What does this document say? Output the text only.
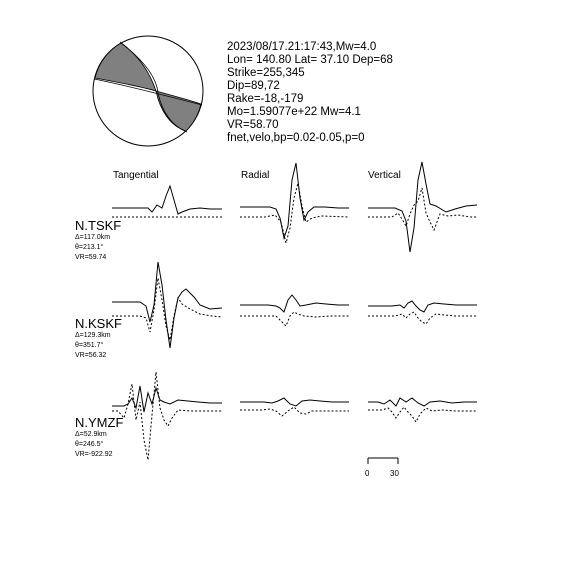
2023/08/17.21:17:43,Mw=4.0
Lon= 140.80 Lat= 37.10 Dep=68
Strike=255,345
Dip=89,72
Rake=-18,-179
Mo=1.59077e+22 Mw=4.1
VR=58.70
fnet,velo,bp=0.02-0.05,p=0
Tangential	Radial	Vertical
N.TSKF
Δ=117.0km
θ=213.1°
VR=59.74
N.KSKF
Δ=129.3km
θ=351.7°
VR=56.32
N.YMZF
Δ=52.9km
θ=246.5°
VR=-922.92
0	30
